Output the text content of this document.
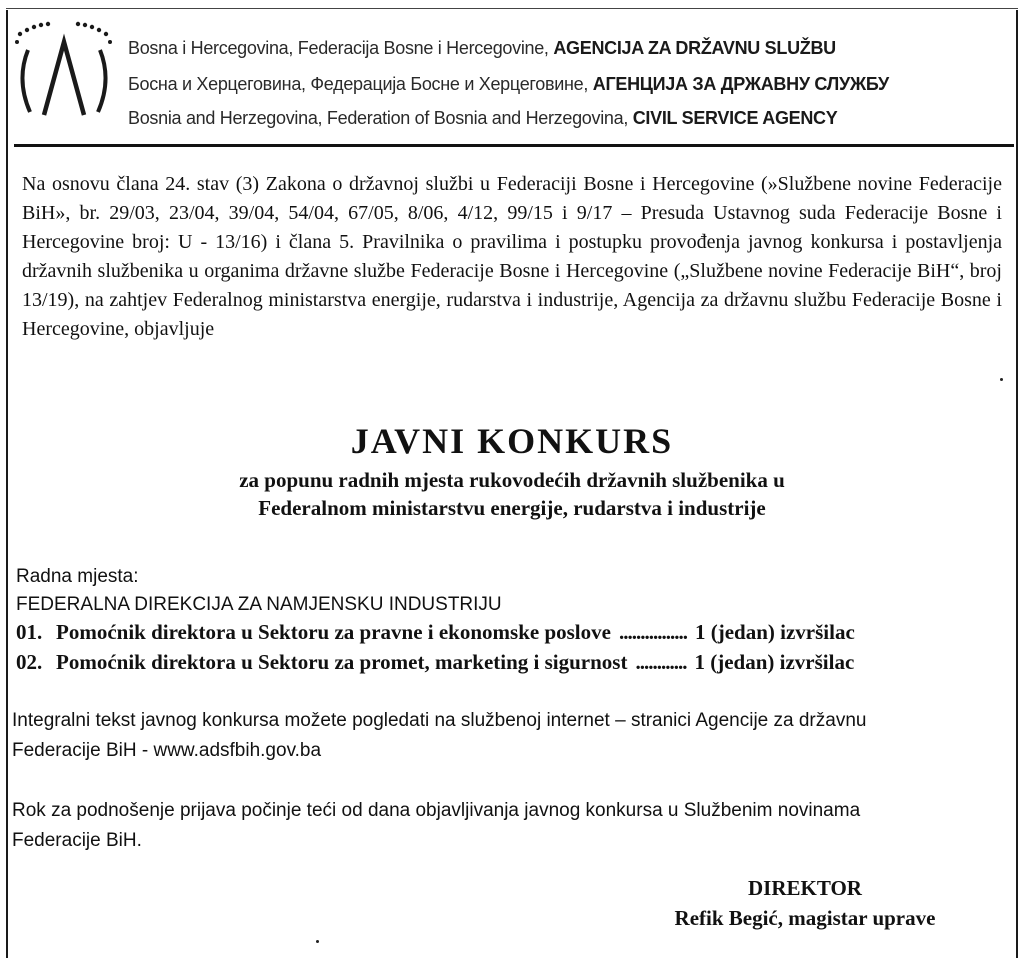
Bosna i Hercegovina, Federacija Bosne i Hercegovine, AGENCIJA ZA DRŽAVNU SLUŽBU
Босна и Херцеговина, Федерација Босне и Херцеговине, АГЕНЦИЈА ЗА ДРЖАВНУ СЛУЖБУ
Bosnia and Herzegovina, Federation of Bosnia and Herzegovina, CIVIL SERVICE AGENCY

Na osnovu člana 24. stav (3) Zakona o državnoj službi u Federaciji Bosne i Hercegovine (»Službene novine Federacije BiH», br. 29/03, 23/04, 39/04, 54/04, 67/05, 8/06, 4/12, 99/15 i 9/17 – Presuda Ustavnog suda Federacije Bosne i Hercegovine broj: U - 13/16) i člana 5. Pravilnika o pravilima i postupku provođenja javnog konkursa i postavljenja državnih službenika u organima državne službe Federacije Bosne i Hercegovine („Službene novine Federacije BiH“, broj 13/19), na zahtjev Federalnog ministarstva energije, rudarstva i industrije, Agencija za državnu službu Federacije Bosne i Hercegovine, objavljuje

JAVNI KONKURS
za popunu radnih mjesta rukovodećih državnih službenika u
Federalnom ministarstvu energije, rudarstva i industrije
Radna mjesta:
FEDERALNA DIREKCIJA ZA NAMJENSKU INDUSTRIJU
01. Pomoćnik direktora u Sektoru za pravne i ekonomske poslove ................ 1 (jedan) izvršilac
02. Pomoćnik direktora u Sektoru za promet, marketing i sigurnost ............ 1 (jedan) izvršilac
Integralni tekst javnog konkursa možete pogledati na službenoj internet – stranici Agencije za državnu
Federacije BiH - www.adsfbih.gov.ba
Rok za podnošenje prijava počinje teći od dana objavljivanja javnog konkursa u Službenim novinama
Federacije BiH.
DIREKTOR
Refik Begić, magistar uprave
